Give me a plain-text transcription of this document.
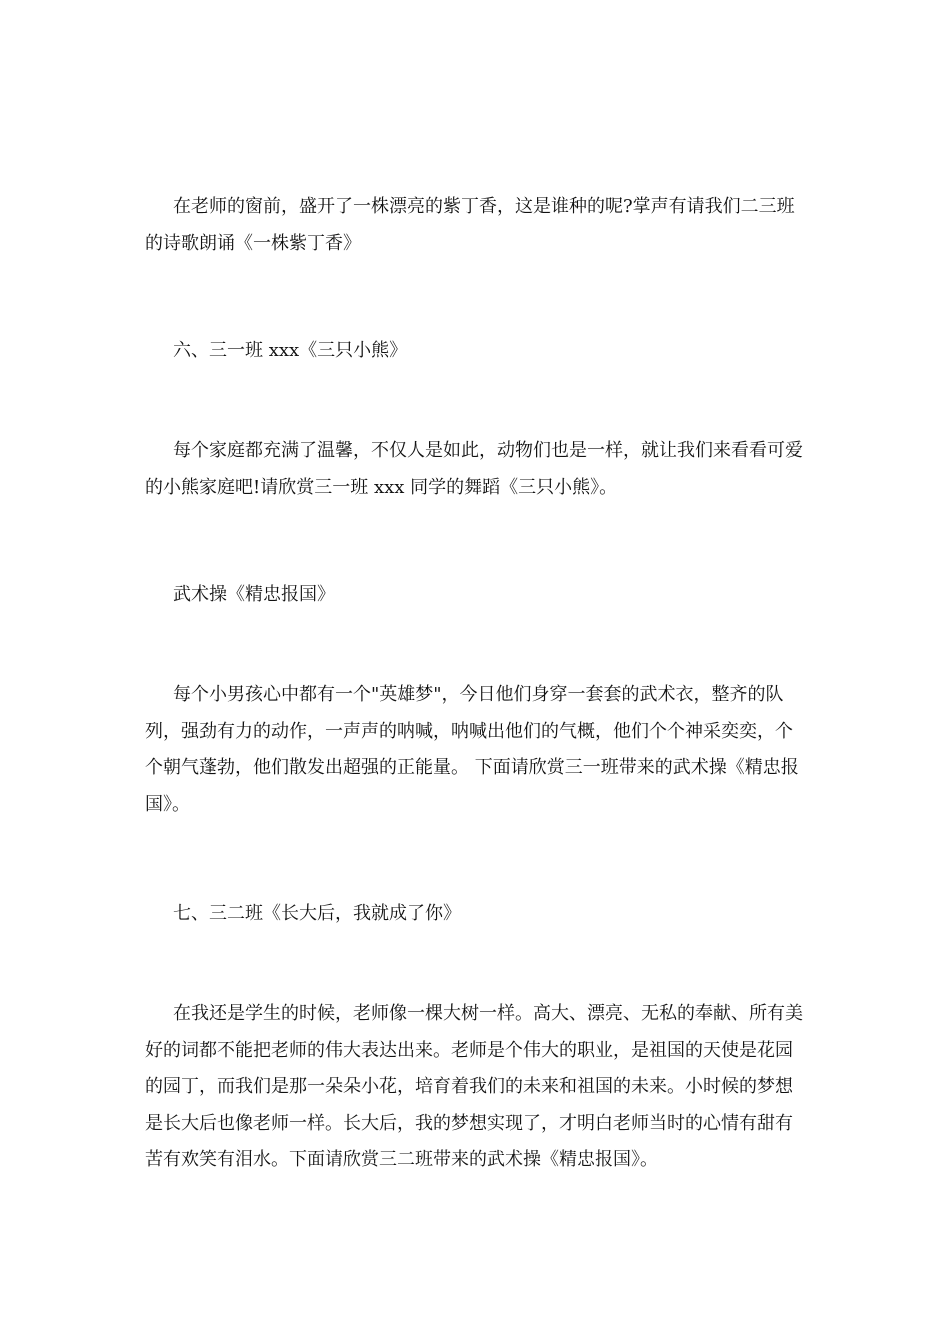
在老师的窗前，盛开了一株漂亮的紫丁香，这是谁种的呢?掌声有请我们二三班的诗歌朗诵《一株紫丁香》

六、三一班 xxx《三只小熊》

每个家庭都充满了温馨，不仅人是如此，动物们也是一样，就让我们来看看可爱的小熊家庭吧!请欣赏三一班 xxx 同学的舞蹈《三只小熊》。

武术操《精忠报国》

每个小男孩心中都有一个"英雄梦"，今日他们身穿一套套的武术衣，整齐的队列，强劲有力的动作，一声声的呐喊，呐喊出他们的气概，他们个个神采奕奕，个个朝气蓬勃，他们散发出超强的正能量。 下面请欣赏三一班带来的武术操《精忠报国》。

七、三二班《长大后，我就成了你》

在我还是学生的时候，老师像一棵大树一样。高大、漂亮、无私的奉献、所有美好的词都不能把老师的伟大表达出来。老师是个伟大的职业，是祖国的天使是花园的园丁，而我们是那一朵朵小花，培育着我们的未来和祖国的未来。小时候的梦想是长大后也像老师一样。长大后，我的梦想实现了，才明白老师当时的心情有甜有苦有欢笑有泪水。下面请欣赏三二班带来的武术操《精忠报国》。
